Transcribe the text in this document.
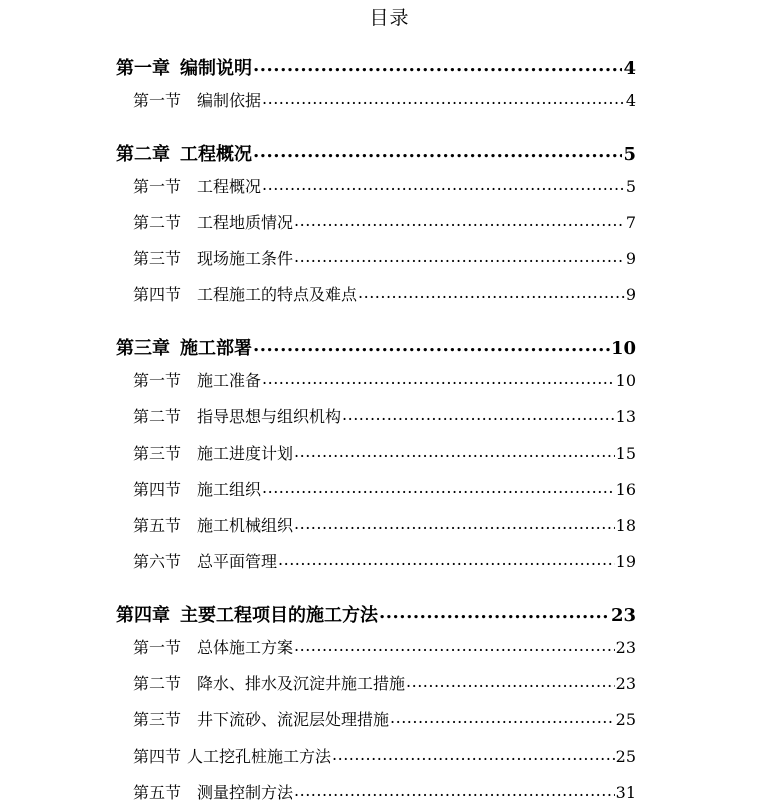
目录
第一章 编制说明 .....	4
第一节 编制依据 .....	4
第二章 工程概况 .....	5
第一节 工程概况 .....	5
第二节 工程地质情况 .....	7
第三节 现场施工条件 .....	9
第四节 工程施工的特点及难点 .....	9
第三章 施工部署 .....	10
第一节 施工准备 .....	10
第二节 指导思想与组织机构 .....	13
第三节 施工进度计划 .....	15
第四节 施工组织 .....	16
第五节 施工机械组织 .....	18
第六节 总平面管理 .....	19
第四章 主要工程项目的施工方法 .....	23
第一节 总体施工方案 .....	23
第二节 降水、排水及沉淀井施工措施 .....	23
第三节 井下流砂、流泥层处理措施 .....	25
第四节 人工挖孔桩施工方法 .....	25
第五节 测量控制方法 .....	31
